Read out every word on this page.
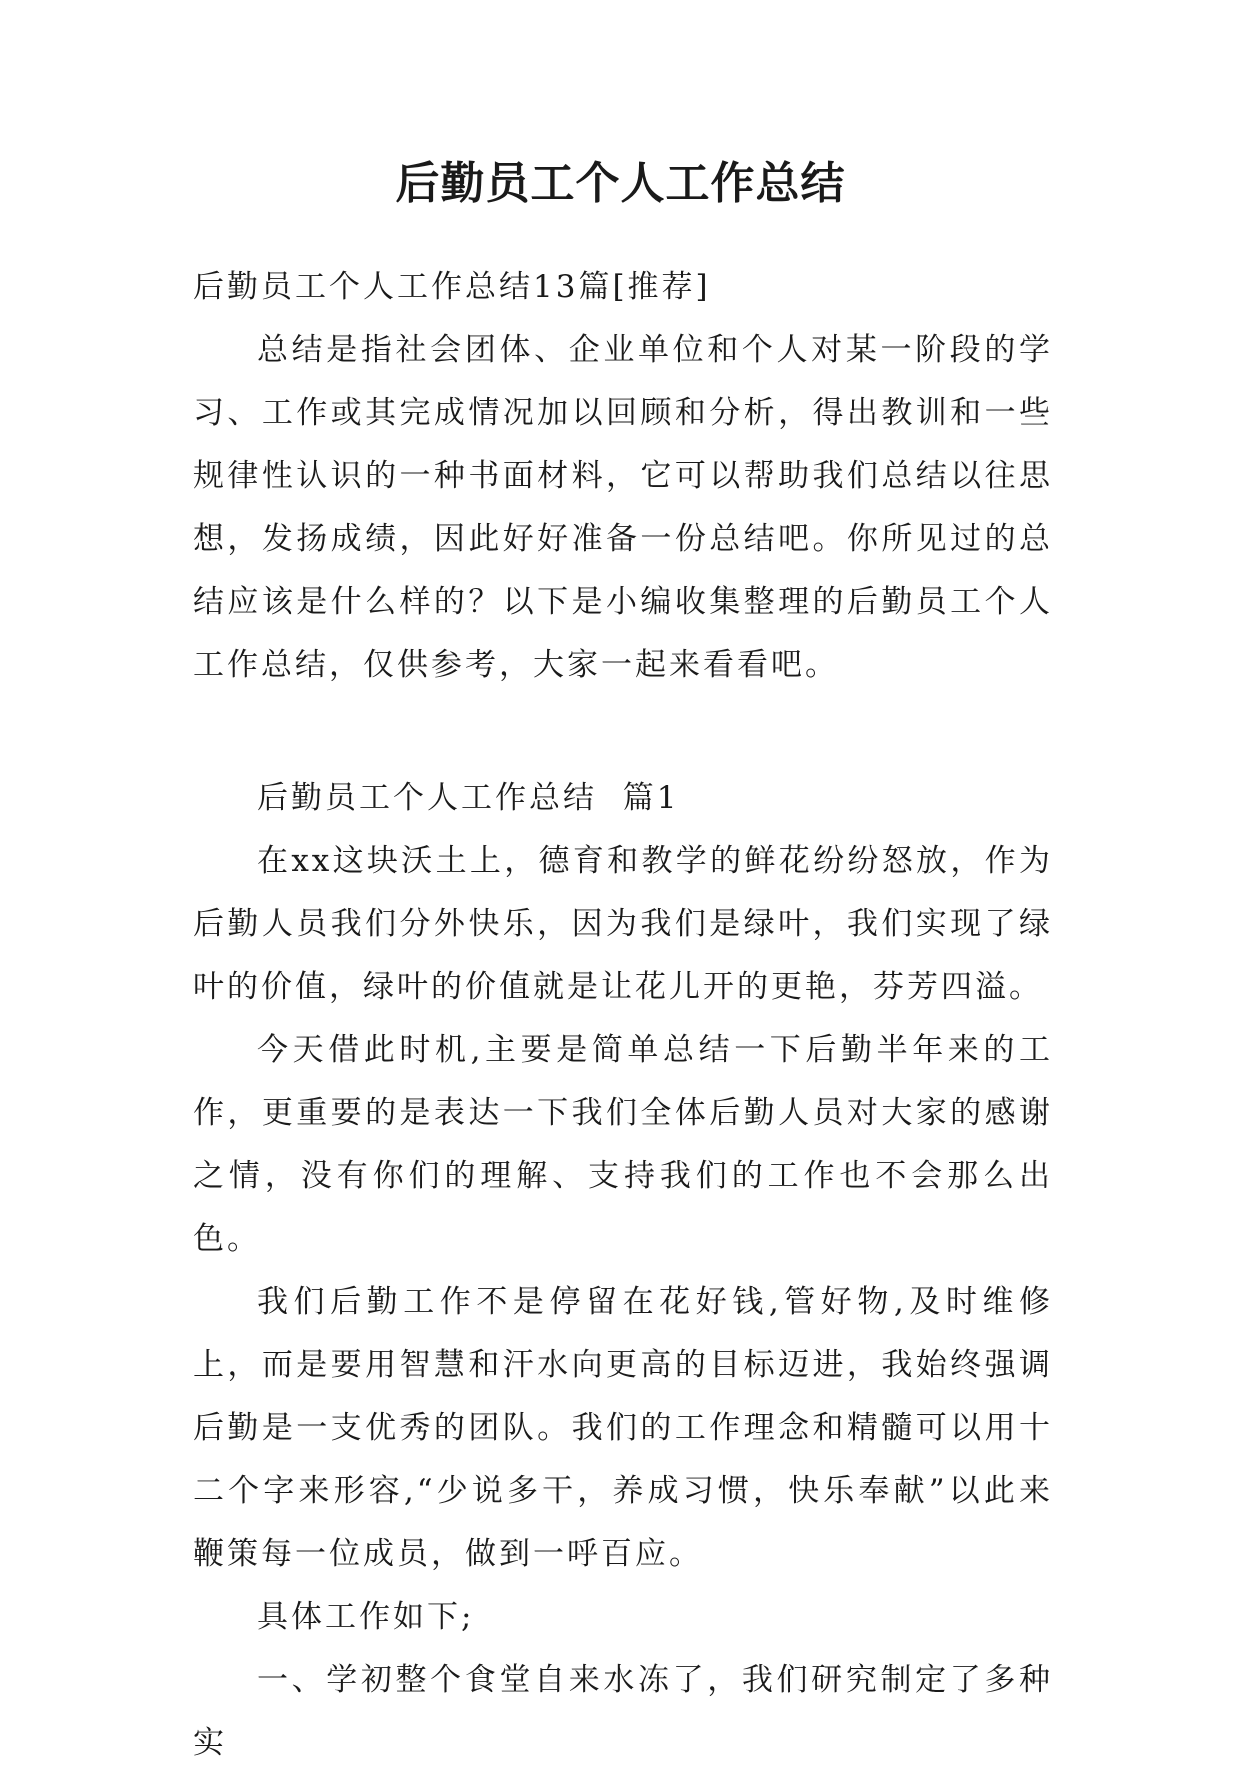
后勤员工个人工作总结

后勤员工个人工作总结13篇[推荐]

总结是指社会团体、企业单位和个人对某一阶段的学习、工作或其完成情况加以回顾和分析，得出教训和一些规律性认识的一种书面材料，它可以帮助我们总结以往思想，发扬成绩，因此好好准备一份总结吧。你所见过的总结应该是什么样的？以下是小编收集整理的后勤员工个人工作总结，仅供参考，大家一起来看看吧。

后勤员工个人工作总结  篇1

在xx这块沃土上，德育和教学的鲜花纷纷怒放，作为后勤人员我们分外快乐，因为我们是绿叶，我们实现了绿叶的价值，绿叶的价值就是让花儿开的更艳，芬芳四溢。

今天借此时机,主要是简单总结一下后勤半年来的工作，更重要的是表达一下我们全体后勤人员对大家的感谢之情，没有你们的理解、支持我们的工作也不会那么出色。

我们后勤工作不是停留在花好钱,管好物,及时维修上，而是要用智慧和汗水向更高的目标迈进，我始终强调后勤是一支优秀的团队。我们的工作理念和精髓可以用十二个字来形容,“少说多干，养成习惯，快乐奉献”以此来鞭策每一位成员，做到一呼百应。

具体工作如下;

一、学初整个食堂自来水冻了，我们研究制定了多种实
